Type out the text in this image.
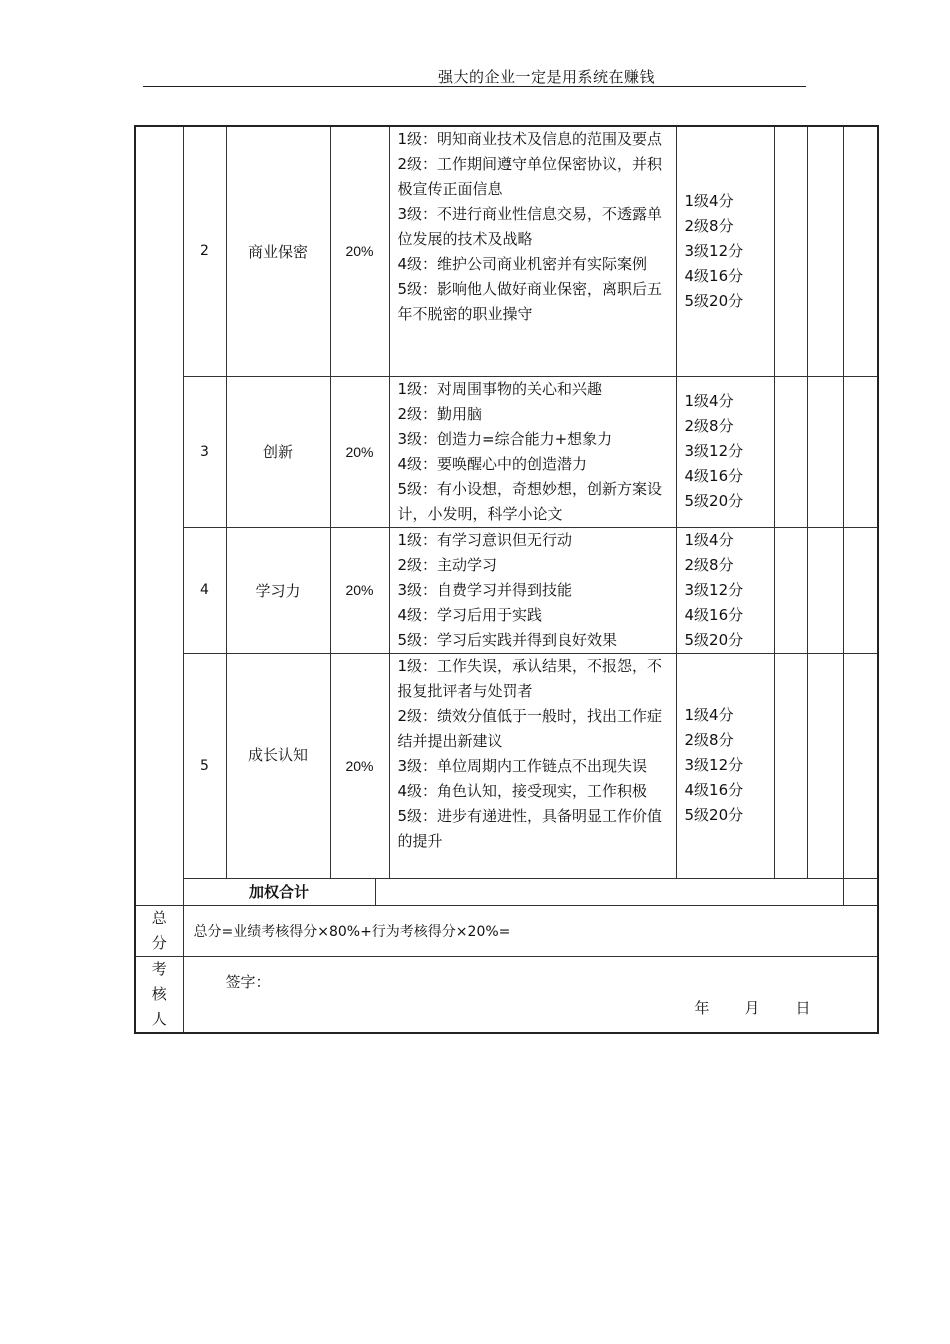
强大的企业一定是用系统在赚钱
	2	商业保密	20%		1级：明知商业技术及信息的范围及要点
2级：工作期间遵守单位保密协议，并积极宣传正面信息
3级：不进行商业性信息交易，不透露单位发展的技术及战略
4级：维护公司商业机密并有实际案例
5级：影响他人做好商业保密，离职后五年不脱密的职业操守	1级4分
2级8分
3级12分
4级16分
5级20分			

	3	创新	20%		1级：对周围事物的关心和兴趣
2级：勤用脑
3级：创造力=综合能力+想象力
4级：要唤醒心中的创造潜力
5级：有小设想，奇想妙想，创新方案设计，小发明，科学小论文	1级4分
2级8分
3级12分
4级16分
5级20分			

	4	学习力	20%		1级：有学习意识但无行动
2级：主动学习
3级：自费学习并得到技能
4级：学习后用于实践
5级：学习后实践并得到良好效果	1级4分
2级8分
3级12分
4级16分
5级20分			

	5	成长认知	20%		1级：工作失误，承认结果，不报怨，不报复批评者与处罚者
2级：绩效分值低于一般时，找出工作症结并提出新建议
3级：单位周期内工作链点不出现失误
4级：角色认知，接受现实，工作积极
5级：进步有递进性，具备明显工作价值的提升	1级4分
2级8分
3级12分
4级16分
5级20分			

	加权合计								
总分	总分=业绩考核得分×80%+行为考核得分×20%=								
考核人	签字：
年 月 日								
